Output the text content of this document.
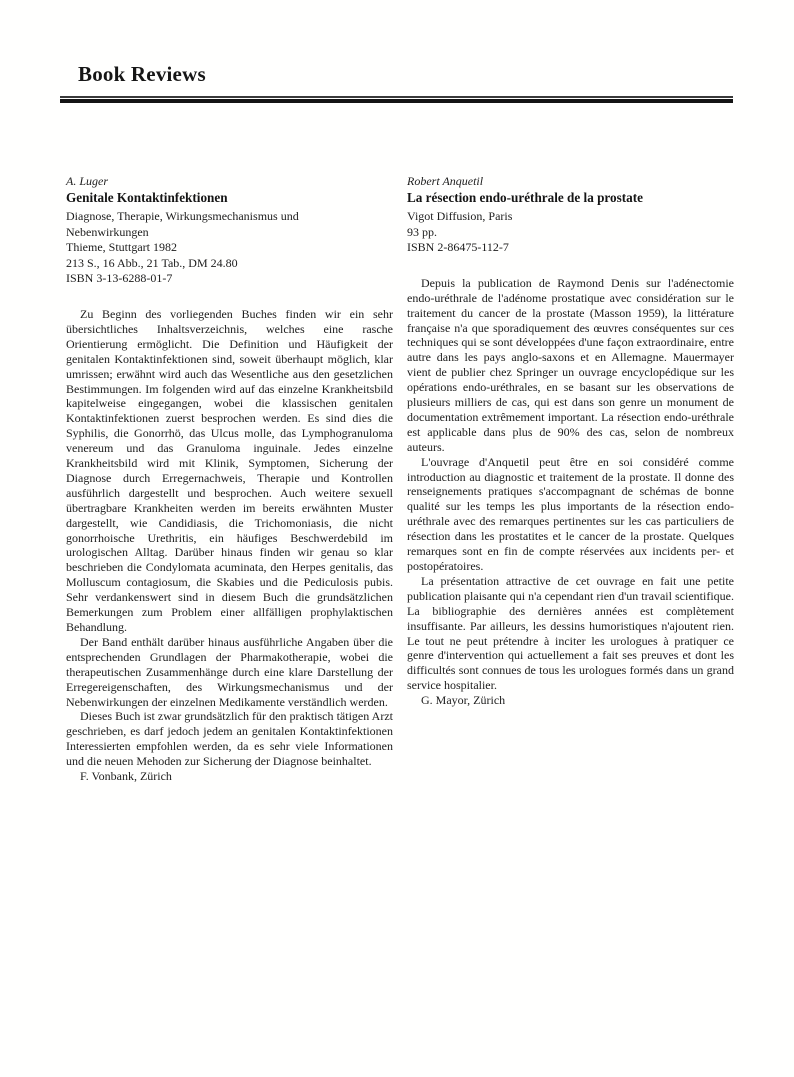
Book Reviews
A. Luger
Genitale Kontaktinfektionen
Diagnose, Therapie, Wirkungsmechanismus und
Nebenwirkungen
Thieme, Stuttgart 1982
213 S., 16 Abb., 21 Tab., DM 24.80
ISBN 3-13-6288-01-7

Zu Beginn des vorliegenden Buches finden wir ein sehr übersichtliches Inhaltsverzeichnis, welches eine rasche Orientierung ermöglicht. Die Definition und Häufigkeit der genitalen Kontaktinfektionen sind, soweit überhaupt möglich, klar umrissen; erwähnt wird auch das Wesentliche aus den gesetzlichen Bestimmungen. Im folgenden wird auf das einzelne Krankheitsbild kapitelweise eingegangen, wobei die klassischen genitalen Kontaktinfektionen zuerst besprochen werden. Es sind dies die Syphilis, die Gonorrhö, das Ulcus molle, das Lymphogranuloma venereum und das Granuloma inguinale. Jedes einzelne Krankheitsbild wird mit Klinik, Symptomen, Sicherung der Diagnose durch Erregernachweis, Therapie und Kontrollen ausführlich dargestellt und besprochen. Auch weitere sexuell übertragbare Krankheiten werden im bereits erwähnten Muster dargestellt, wie Candidiasis, die Trichomoniasis, die nicht gonorrhoische Urethritis, ein häufiges Beschwerdebild im urologischen Alltag. Darüber hinaus finden wir genau so klar beschrieben die Condylomata acuminata, den Herpes genitalis, das Molluscum contagiosum, die Skabies und die Pediculosis pubis. Sehr verdankenswert sind in diesem Buch die grundsätzlichen Bemerkungen zum Problem einer allfälligen prophylaktischen Behandlung.

Der Band enthält darüber hinaus ausführliche Angaben über die entsprechenden Grundlagen der Pharmakotherapie, wobei die therapeutischen Zusammenhänge durch eine klare Darstellung der Erregereigenschaften, des Wirkungsmechanismus und der Nebenwirkungen der einzelnen Medikamente verständlich werden.

Dieses Buch ist zwar grundsätzlich für den praktisch tätigen Arzt geschrieben, es darf jedoch jedem an genitalen Kontaktinfektionen Interessierten empfohlen werden, da es sehr viele Informationen und die neuen Mehoden zur Sicherung der Diagnose beinhaltet.

F. Vonbank, Zürich

Robert Anquetil
La résection endo-uréthrale de la prostate
Vigot Diffusion, Paris
93 pp.
ISBN 2-86475-112-7

Depuis la publication de Raymond Denis sur l'adénectomie endo-uréthrale de l'adénome prostatique avec considération sur le traitement du cancer de la prostate (Masson 1959), la littérature française n'a que sporadiquement des œuvres conséquentes sur ces techniques qui se sont développées d'une façon extraordinaire, entre autre dans les pays anglo-saxons et en Allemagne. Mauermayer vient de publier chez Springer un ouvrage encyclopédique sur les opérations endo-uréthrales, en se basant sur les observations de plusieurs milliers de cas, qui est dans son genre un monument de documentation extrêmement important. La résection endo-uréthrale est applicable dans plus de 90% des cas, selon de nombreux auteurs.

L'ouvrage d'Anquetil peut être en soi considéré comme introduction au diagnostic et traitement de la prostate. Il donne des renseignements pratiques s'accompagnant de schémas de bonne qualité sur les temps les plus importants de la résection endo-uréthrale avec des remarques pertinentes sur les cas particuliers de résection dans les prostatites et le cancer de la prostate. Quelques remarques sont en fin de compte réservées aux incidents per- et postopératoires.

La présentation attractive de cet ouvrage en fait une petite publication plaisante qui n'a cependant rien d'un travail scientifique. La bibliographie des dernières années est complètement insuffisante. Par ailleurs, les dessins humoristiques n'ajoutent rien. Le tout ne peut prétendre à inciter les urologues à pratiquer ce genre d'intervention qui actuellement a fait ses preuves et dont les difficultés sont connues de tous les urologues formés dans un grand service hospitalier.

G. Mayor, Zürich
